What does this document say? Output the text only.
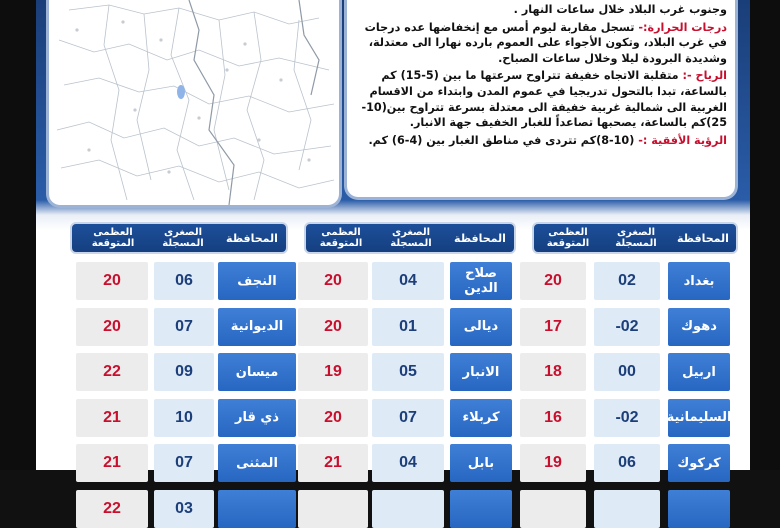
وجنوب غرب البلاد خلال ساعات النهار .

درجات الحرارة:- تسجل مقاربة ليوم أمس مع إنخفاضها عده درجات في غرب البلاد، وتكون الأجواء على العموم بارده نهارا الى معتدلة، وشديدة البرودة ليلا وخلال ساعات الصباح.

الرياح -: متقلبة الاتجاه خفيفة تتراوح سرعتها ما بين (5-15) كم بالساعة، تبدا بالتحول تدريجيا في عموم المدن وابتداء من الاقسام الغربية الى شمالية غربية خفيفة الى معتدلة بسرعة تتراوح بين(10-25)كم بالساعة، يصحبها تصاعداً للغبار الخفيف جهة الانبار.

الرؤية الأفقية :- (10-8)كم تتردى في مناطق الغبار بين (4-6) كم.

المحافظة
الصغرى
المسجلة
العظمى
المتوقعة
المحافظة
الصغرى
المسجلة
العظمى
المتوقعة
المحافظة
الصغرى
المسجلة
العظمى
المتوقعة
بغداد
02
20
دهوك
-02
17
اربيل
00
18
السليمانية
-02
16
كركوك
06
19
صلاح الدين
04
20
ديالى
01
20
الانبار
05
19
كربلاء
07
20
بابل
04
21
النجف
06
20
الديوانية
07
20
ميسان
09
22
ذي قار
10
21
المثنى
07
21
03
22
